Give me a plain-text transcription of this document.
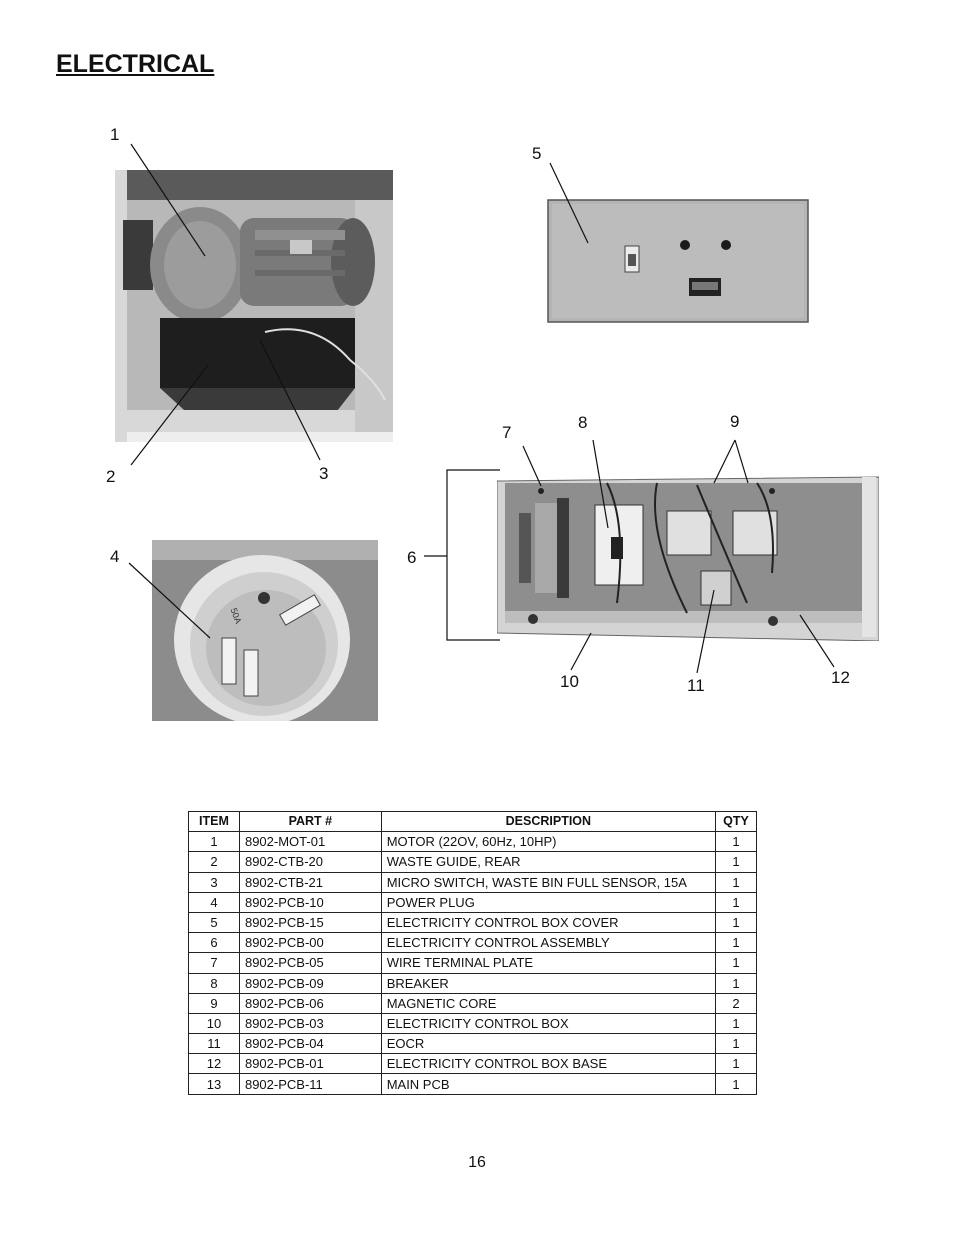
ELECTRICAL
50A
1
2	3
4
5
6
7
8	9
10	11	12
ITEM	PART #	DESCRIPTION	QTY
1	8902-MOT-01	MOTOR (22OV, 60Hz, 10HP)	1
2	8902-CTB-20	WASTE GUIDE, REAR	1
3	8902-CTB-21	MICRO SWITCH, WASTE BIN FULL SENSOR, 15A	1
4	8902-PCB-10	POWER PLUG	1
5	8902-PCB-15	ELECTRICITY CONTROL BOX COVER	1
6	8902-PCB-00	ELECTRICITY CONTROL ASSEMBLY	1
7	8902-PCB-05	WIRE TERMINAL PLATE	1
8	8902-PCB-09	BREAKER	1
9	8902-PCB-06	MAGNETIC CORE	2
10	8902-PCB-03	ELECTRICITY CONTROL BOX	1
11	8902-PCB-04	EOCR	1
12	8902-PCB-01	ELECTRICITY CONTROL BOX BASE	1
13	8902-PCB-11	MAIN PCB	1
16
